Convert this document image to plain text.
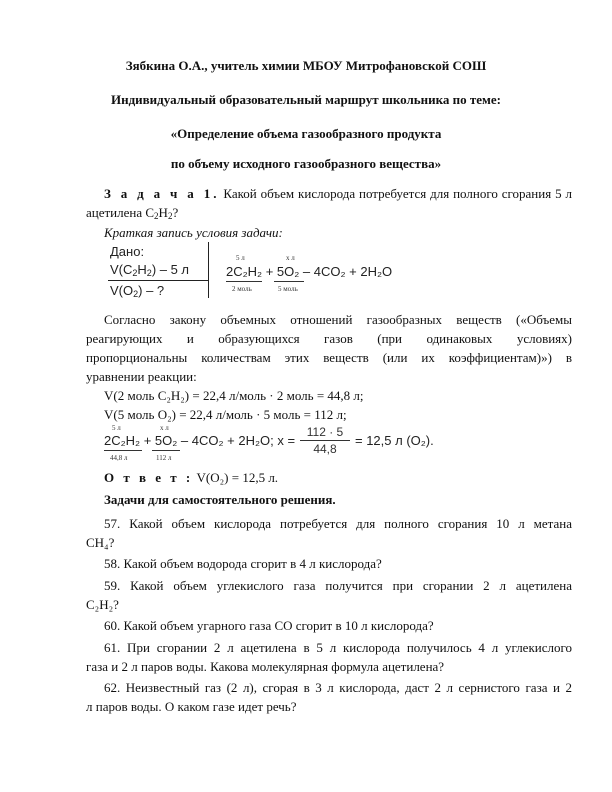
Зябкина О.А., учитель химии МБОУ Митрофановской СОШ
Индивидуальный образовательный маршрут школьника по теме:
«Определение объема газообразного продукта
по объему исходного газообразного вещества»
З а д а ч а 1. Какой объем кислорода потребуется для полного сгорания 5 л
ацетилена $С_2Н_2$?
Краткая запись условия задачи:
Дано:
$V(C_2H_2) - 5$ л
$V(O_2)$ – ?
5 л	х л
2C₂H₂ + 5O₂ – 4CO₂ + 2H₂O
2 моль	5 моль
Согласно закону объемных отношений газообразных веществ («Объемы
реагирующих и образующихся газов (при одинаковых условиях)
пропорциональны количествам этих веществ (или их коэффициентам)») в
уравнении реакции:
V(2 моль C₂H₂) = 22,4 л/моль · 2 моль = 44,8 л;
V(5 моль O₂) = 22,4 л/моль · 5 моль = 112 л;
5 л	x л
2C₂H₂ + 5O₂ – 4CO₂ + 2H₂O; x =
44,8 л	112 л
112 · 5
44,8
= 12,5 л (O₂).
О т в е т : V(O₂) = 12,5 л.
Задачи для самостоятельного решения.
57. Какой объем кислорода потребуется для полного сгорания 10 л метана
CH₄?
58. Какой объем водорода сгорит в 4 л кислорода?
59. Какой объем углекислого газа получится при сгорании 2 л ацетилена
C₂H₂?
60. Какой объем угарного газа CO сгорит в 10 л кислорода?
61. При сгорании 2 л ацетилена в 5 л кислорода получилось 4 л углекислого
газа и 2 л паров воды. Какова молекулярная формула ацетилена?
62. Неизвестный газ (2 л), сгорая в 3 л кислорода, даст 2 л сернистого газа и 2
л паров воды. О каком газе идет речь?
